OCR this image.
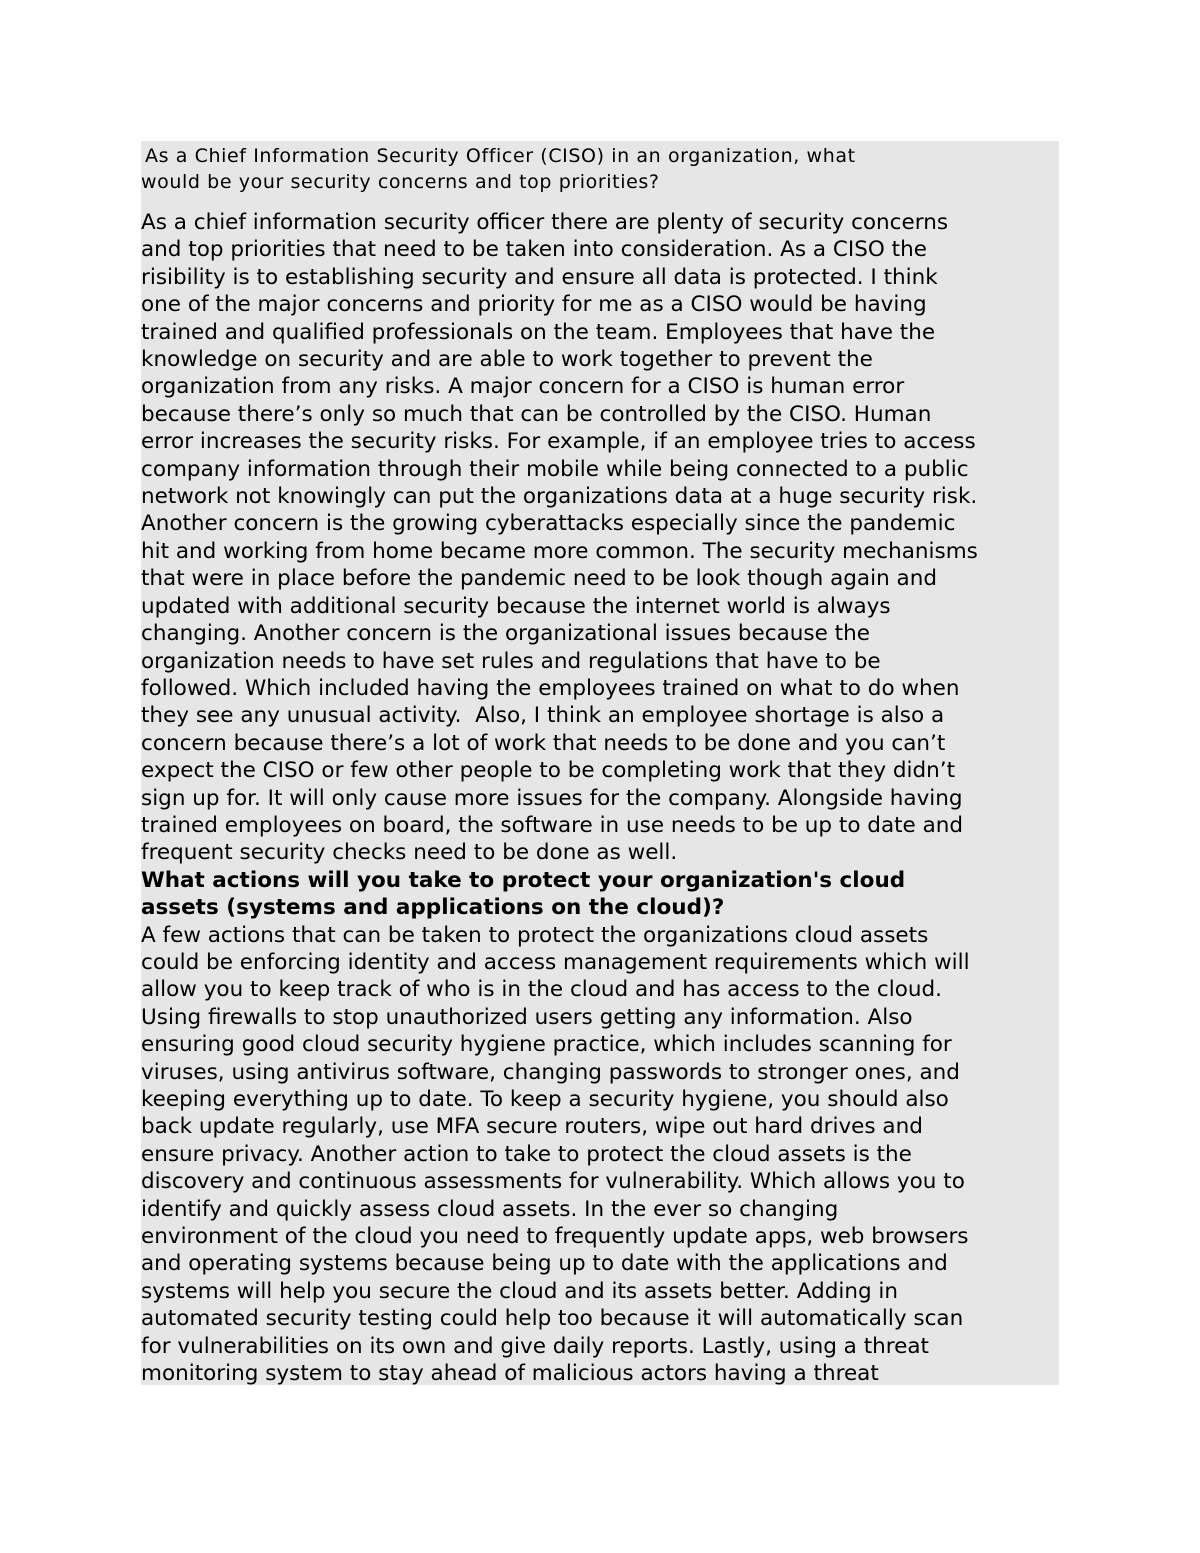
As a Chief Information Security Officer (CISO) in an organization, what
would be your security concerns and top priorities?
As a chief information security officer there are plenty of security concerns
and top priorities that need to be taken into consideration. As a CISO the
risibility is to establishing security and ensure all data is protected. I think
one of the major concerns and priority for me as a CISO would be having
trained and qualified professionals on the team. Employees that have the
knowledge on security and are able to work together to prevent the
organization from any risks. A major concern for a CISO is human error
because there’s only so much that can be controlled by the CISO. Human
error increases the security risks. For example, if an employee tries to access
company information through their mobile while being connected to a public
network not knowingly can put the organizations data at a huge security risk.
Another concern is the growing cyberattacks especially since the pandemic
hit and working from home became more common. The security mechanisms
that were in place before the pandemic need to be look though again and
updated with additional security because the internet world is always
changing. Another concern is the organizational issues because the
organization needs to have set rules and regulations that have to be
followed. Which included having the employees trained on what to do when
they see any unusual activity.  Also, I think an employee shortage is also a
concern because there’s a lot of work that needs to be done and you can’t
expect the CISO or few other people to be completing work that they didn’t
sign up for. It will only cause more issues for the company. Alongside having
trained employees on board, the software in use needs to be up to date and
frequent security checks need to be done as well.
What actions will you take to protect your organization's cloud
assets (systems and applications on the cloud)?
A few actions that can be taken to protect the organizations cloud assets
could be enforcing identity and access management requirements which will
allow you to keep track of who is in the cloud and has access to the cloud.
Using firewalls to stop unauthorized users getting any information. Also
ensuring good cloud security hygiene practice, which includes scanning for
viruses, using antivirus software, changing passwords to stronger ones, and
keeping everything up to date. To keep a security hygiene, you should also
back update regularly, use MFA secure routers, wipe out hard drives and
ensure privacy. Another action to take to protect the cloud assets is the
discovery and continuous assessments for vulnerability. Which allows you to
identify and quickly assess cloud assets. In the ever so changing
environment of the cloud you need to frequently update apps, web browsers
and operating systems because being up to date with the applications and
systems will help you secure the cloud and its assets better. Adding in
automated security testing could help too because it will automatically scan
for vulnerabilities on its own and give daily reports. Lastly, using a threat
monitoring system to stay ahead of malicious actors having a threat
